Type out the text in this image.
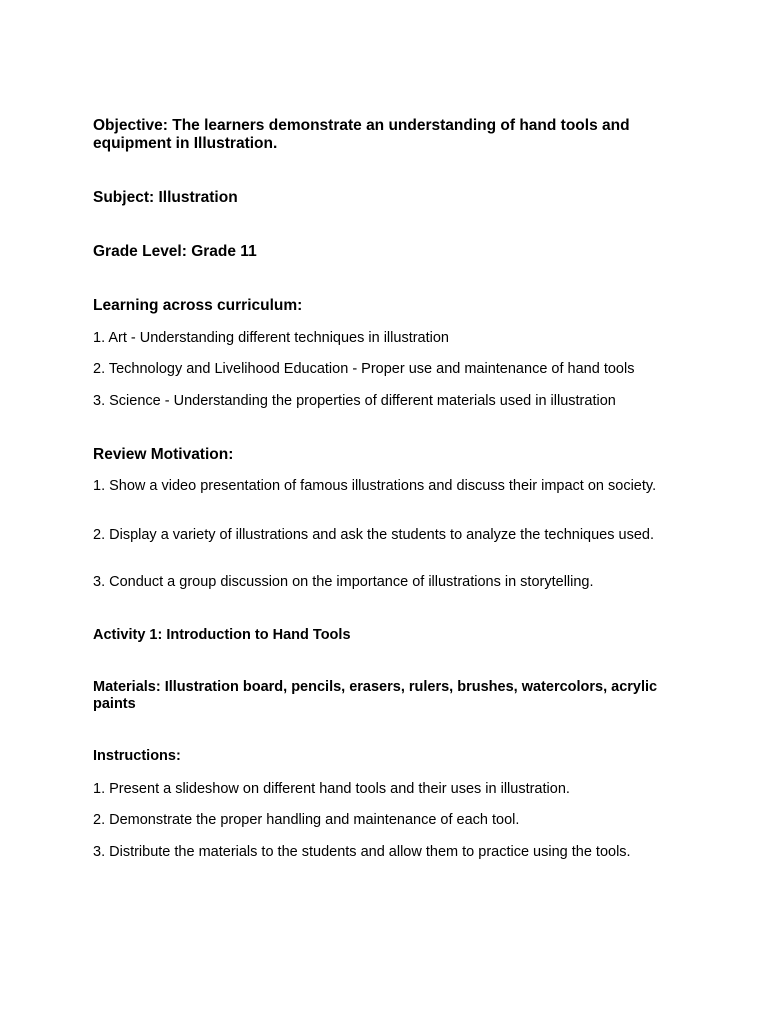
Objective: The learners demonstrate an understanding of hand tools and equipment in Illustration.

Subject: Illustration

Grade Level: Grade 11

Learning across curriculum:

1. Art - Understanding different techniques in illustration

2. Technology and Livelihood Education - Proper use and maintenance of hand tools

3. Science - Understanding the properties of different materials used in illustration

Review Motivation:

1. Show a video presentation of famous illustrations and discuss their impact on society.

2. Display a variety of illustrations and ask the students to analyze the techniques used.

3. Conduct a group discussion on the importance of illustrations in storytelling.

Activity 1: Introduction to Hand Tools

Materials: Illustration board, pencils, erasers, rulers, brushes, watercolors, acrylic paints

Instructions:

1. Present a slideshow on different hand tools and their uses in illustration.

2. Demonstrate the proper handling and maintenance of each tool.

3. Distribute the materials to the students and allow them to practice using the tools.
